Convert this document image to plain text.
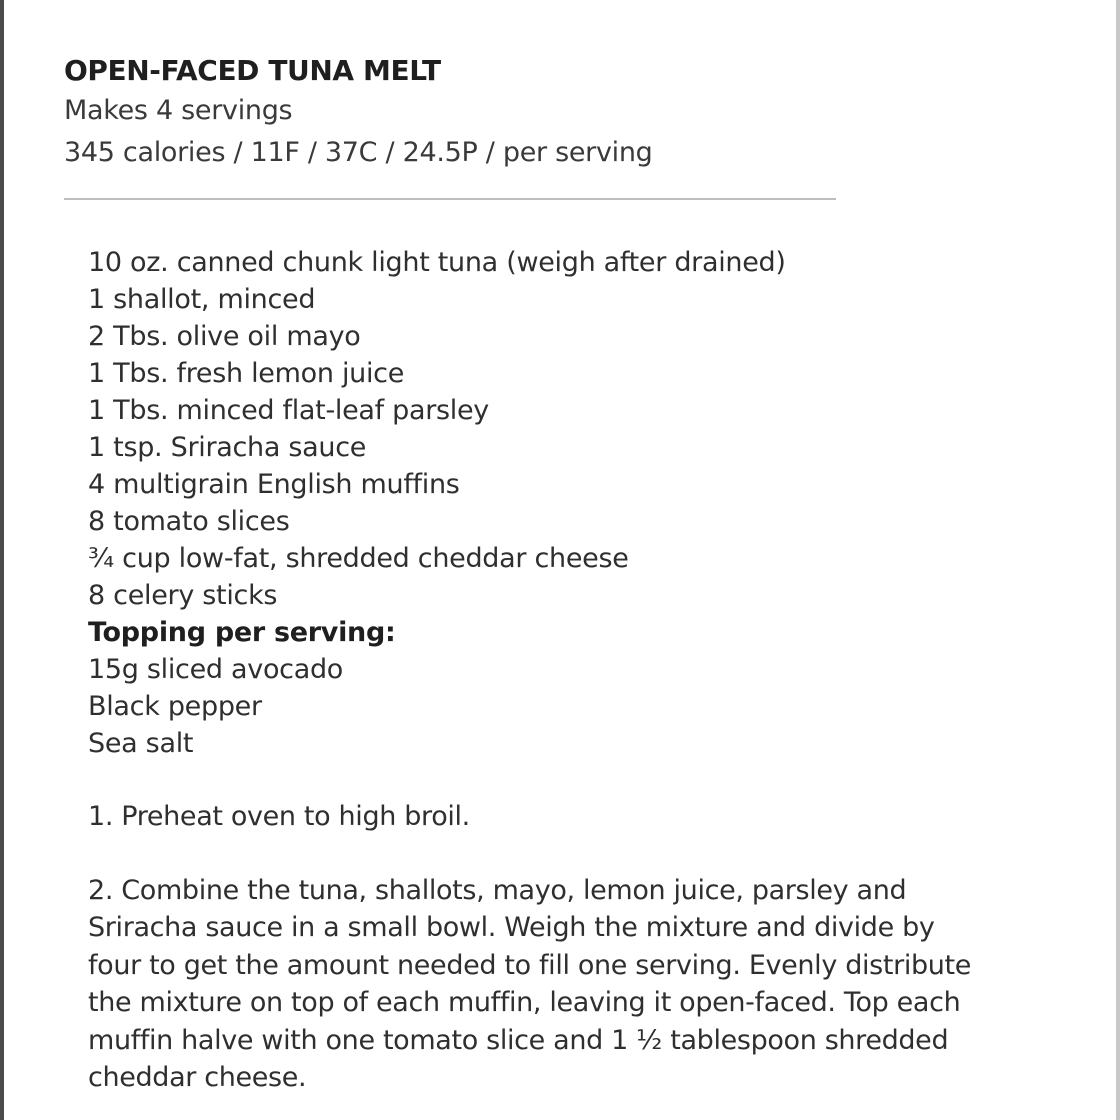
OPEN-FACED TUNA MELT
Makes 4 servings
345 calories / 11F / 37C / 24.5P / per serving
10 oz. canned chunk light tuna (weigh after drained)
1 shallot, minced
2 Tbs. olive oil mayo
1 Tbs. fresh lemon juice
1 Tbs. minced flat-leaf parsley
1 tsp. Sriracha sauce
4 multigrain English muffins
8 tomato slices
¾ cup low-fat, shredded cheddar cheese
8 celery sticks
Topping per serving:
15g sliced avocado
Black pepper
Sea salt
1. Preheat oven to high broil.
2. Combine the tuna, shallots, mayo, lemon juice, parsley and
Sriracha sauce in a small bowl. Weigh the mixture and divide by
four to get the amount needed to fill one serving. Evenly distribute
the mixture on top of each muffin, leaving it open-faced. Top each
muffin halve with one tomato slice and 1 ½ tablespoon shredded
cheddar cheese.
